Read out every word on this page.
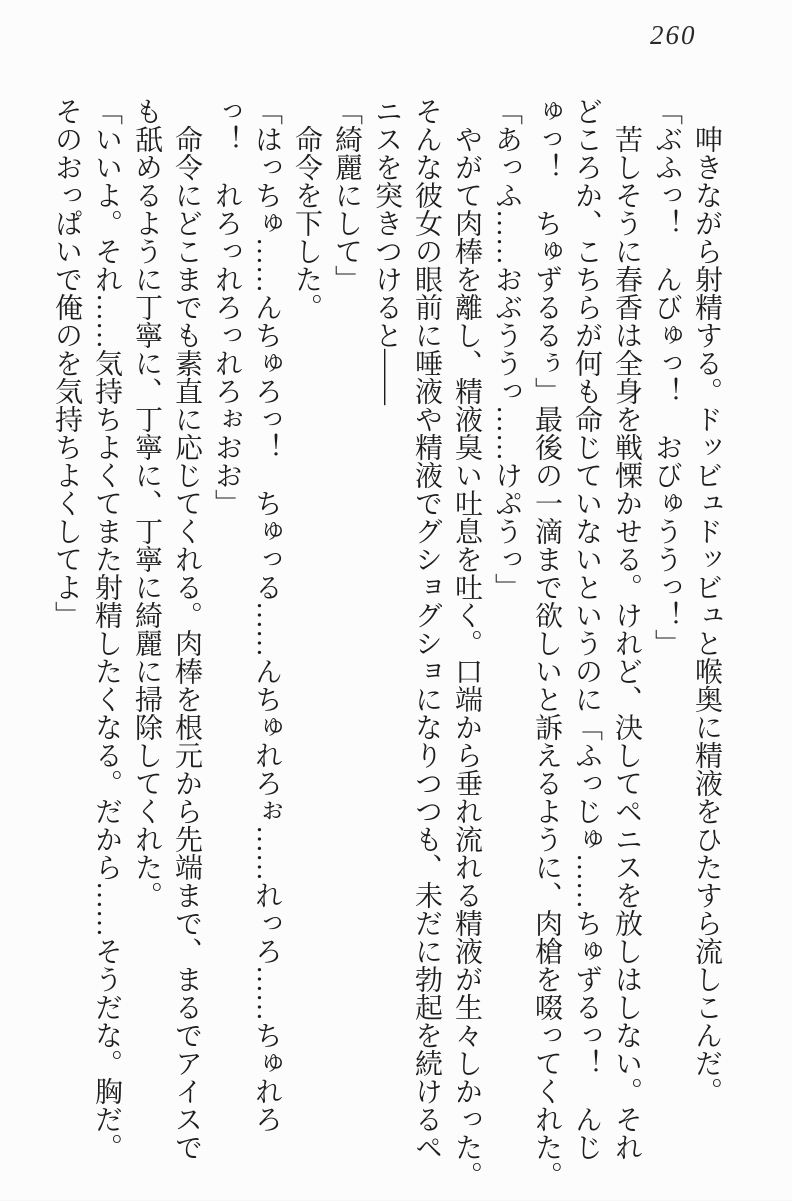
260
　呻きながら射精する。ドッビュドッビュと喉奥に精液をひたすら流しこんだ。
「ぶふっ！　んびゅっ！　おびゅううっ！」
　苦しそうに春香は全身を戦慄かせる。けれど、決してペニスを放しはしない。それ
どころか、こちらが何も命じていないというのに「ふっじゅ……ちゅずるっ！　んじ
ゅっ！　ちゅずるるぅ」最後の一滴まで欲しいと訴えるように、肉槍を啜ってくれた。
「あっふ……おぶううっ……けぷうっ」
　やがて肉棒を離し、精液臭い吐息を吐く。口端から垂れ流れる精液が生々しかった。
そんな彼女の眼前に唾液や精液でグショグショになりつつも、未だに勃起を続けるペ
ニスを突きつけると――
「綺麗にして」
　命令を下した。
「はっちゅ……んちゅろっ！　ちゅっる……んちゅれろぉ……れっろ……ちゅれろ
っ！　れろっれろっれろぉおお」
　命令にどこまでも素直に応じてくれる。肉棒を根元から先端まで、まるでアイスで
も舐めるように丁寧に、丁寧に、丁寧に綺麗に掃除してくれた。
「いいよ。それ……気持ちよくてまた射精したくなる。だから……そうだな。胸だ。
そのおっぱいで俺のを気持ちよくしてよ」
